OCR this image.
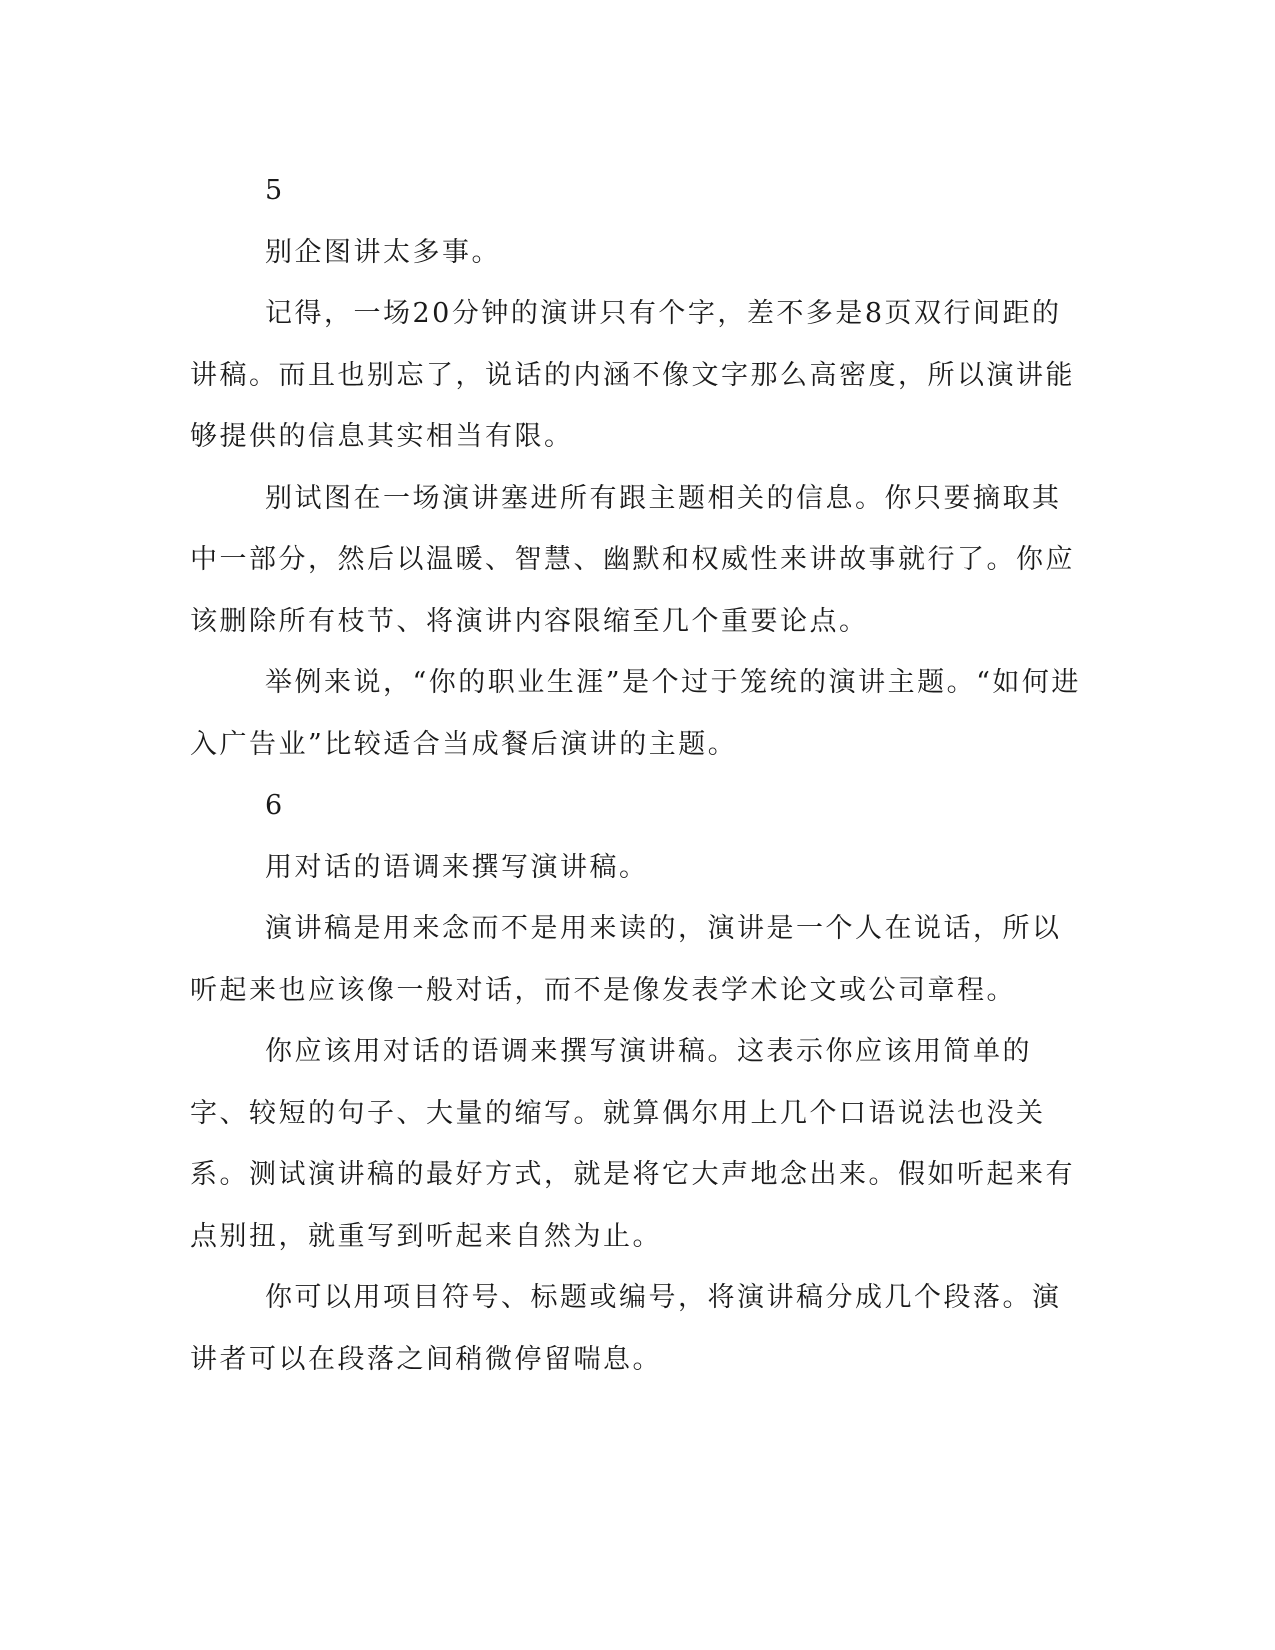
5

别企图讲太多事。

记得，一场20分钟的演讲只有个字，差不多是8页双行间距的讲稿。而且也别忘了，说话的内涵不像文字那么高密度，所以演讲能够提供的信息其实相当有限。

别试图在一场演讲塞进所有跟主题相关的信息。你只要摘取其中一部分，然后以温暖、智慧、幽默和权威性来讲故事就行了。你应该删除所有枝节、将演讲内容限缩至几个重要论点。

举例来说，“你的职业生涯”是个过于笼统的演讲主题。“如何进入广告业”比较适合当成餐后演讲的主题。

6

用对话的语调来撰写演讲稿。

演讲稿是用来念而不是用来读的，演讲是一个人在说话，所以听起来也应该像一般对话，而不是像发表学术论文或公司章程。

你应该用对话的语调来撰写演讲稿。这表示你应该用简单的字、较短的句子、大量的缩写。就算偶尔用上几个口语说法也没关系。测试演讲稿的最好方式，就是将它大声地念出来。假如听起来有点别扭，就重写到听起来自然为止。

你可以用项目符号、标题或编号，将演讲稿分成几个段落。演讲者可以在段落之间稍微停留喘息。
